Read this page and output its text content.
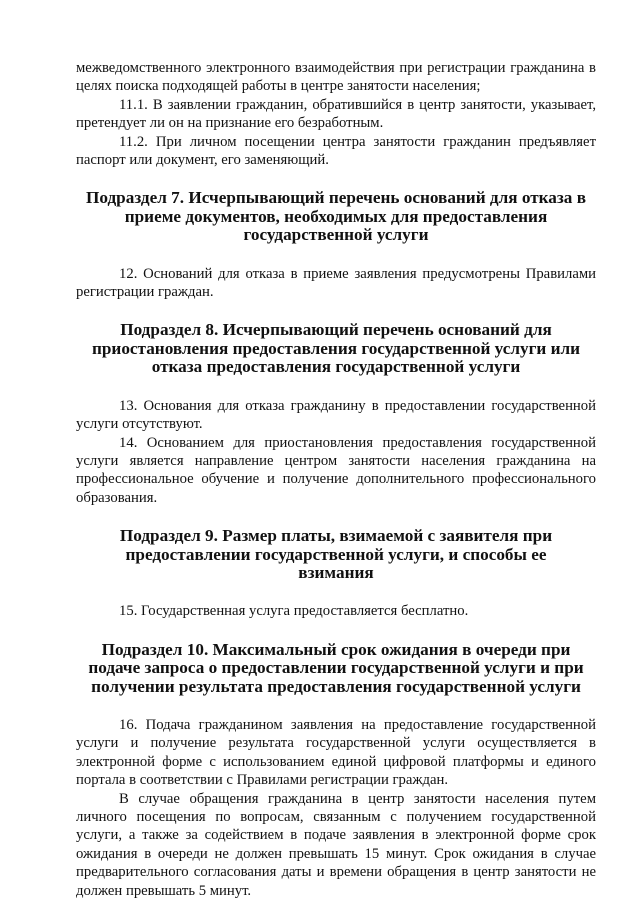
межведомственного электронного взаимодействия при регистрации гражданина в целях поиска подходящей работы в центре занятости населения;

11.1. В заявлении гражданин, обратившийся в центр занятости, указывает, претендует ли он на признание его безработным.

11.2. При личном посещении центра занятости гражданин предъявляет паспорт или документ, его заменяющий.

Подраздел 7. Исчерпывающий перечень оснований для отказа в приеме документов, необходимых для предоставления государственной услуги

12. Оснований для отказа в приеме заявления предусмотрены Правилами регистрации граждан.

Подраздел 8. Исчерпывающий перечень оснований для приостановления предоставления государственной услуги или отказа предоставления государственной услуги

13. Основания для отказа гражданину в предоставлении государственной услуги отсутствуют.

14. Основанием для приостановления предоставления государственной услуги является направление центром занятости населения гражданина на профессиональное обучение и получение дополнительного профессионального образования.

Подраздел 9. Размер платы, взимаемой с заявителя при предоставлении государственной услуги, и способы ее взимания

15. Государственная услуга предоставляется бесплатно.

Подраздел 10. Максимальный срок ожидания в очереди при подаче запроса о предоставлении государственной услуги и при получении результата предоставления государственной услуги

16. Подача гражданином заявления на предоставление государственной услуги и получение результата государственной услуги осуществляется в электронной форме с использованием единой цифровой платформы и единого портала в соответствии с Правилами регистрации граждан.

В случае обращения гражданина в центр занятости населения путем личного посещения по вопросам, связанным с получением государственной услуги, а также за содействием в подаче заявления в электронной форме срок ожидания в очереди не должен превышать 15 минут. Срок ожидания в случае предварительного согласования даты и времени обращения в центр занятости не должен превышать 5 минут.
